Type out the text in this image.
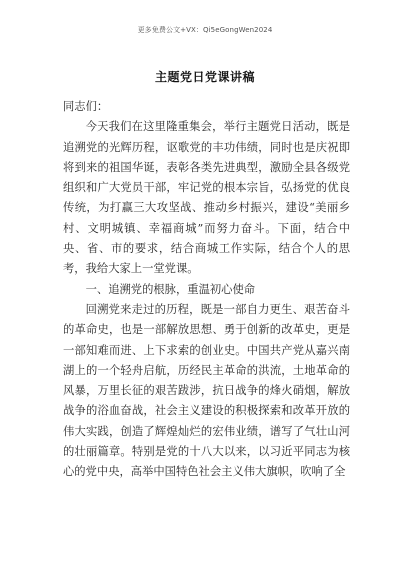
更多免费公文+VX：Qi5eGongWen2024
主题党日党课讲稿

同志们：

今天我们在这里隆重集会，举行主题党日活动，既是追溯党的光辉历程，讴歌党的丰功伟绩，同时也是庆祝即将到来的祖国华诞，表彰各类先进典型，激励全县各级党组织和广大党员干部，牢记党的根本宗旨，弘扬党的优良传统，为打赢三大攻坚战、推动乡村振兴，建设“美丽乡村、文明城镇、幸福商城”而努力奋斗。下面，结合中央、省、市的要求，结合商城工作实际，结合个人的思考，我给大家上一堂党课。

一、追溯党的根脉，重温初心使命

回溯党来走过的历程，既是一部自力更生、艰苦奋斗的革命史，也是一部解放思想、勇于创新的改革史，更是一部知难而进、上下求索的创业史。中国共产党从嘉兴南湖上的一个轻舟启航，历经民主革命的洪流，土地革命的风暴，万里长征的艰苦跋涉，抗日战争的烽火硝烟，解放战争的浴血奋战，社会主义建设的积极探索和改革开放的伟大实践，创造了辉煌灿烂的宏伟业绩，谱写了气壮山河的壮丽篇章。特别是党的十八大以来，以习近平同志为核心的党中央，高举中国特色社会主义伟大旗帜，吹响了全
